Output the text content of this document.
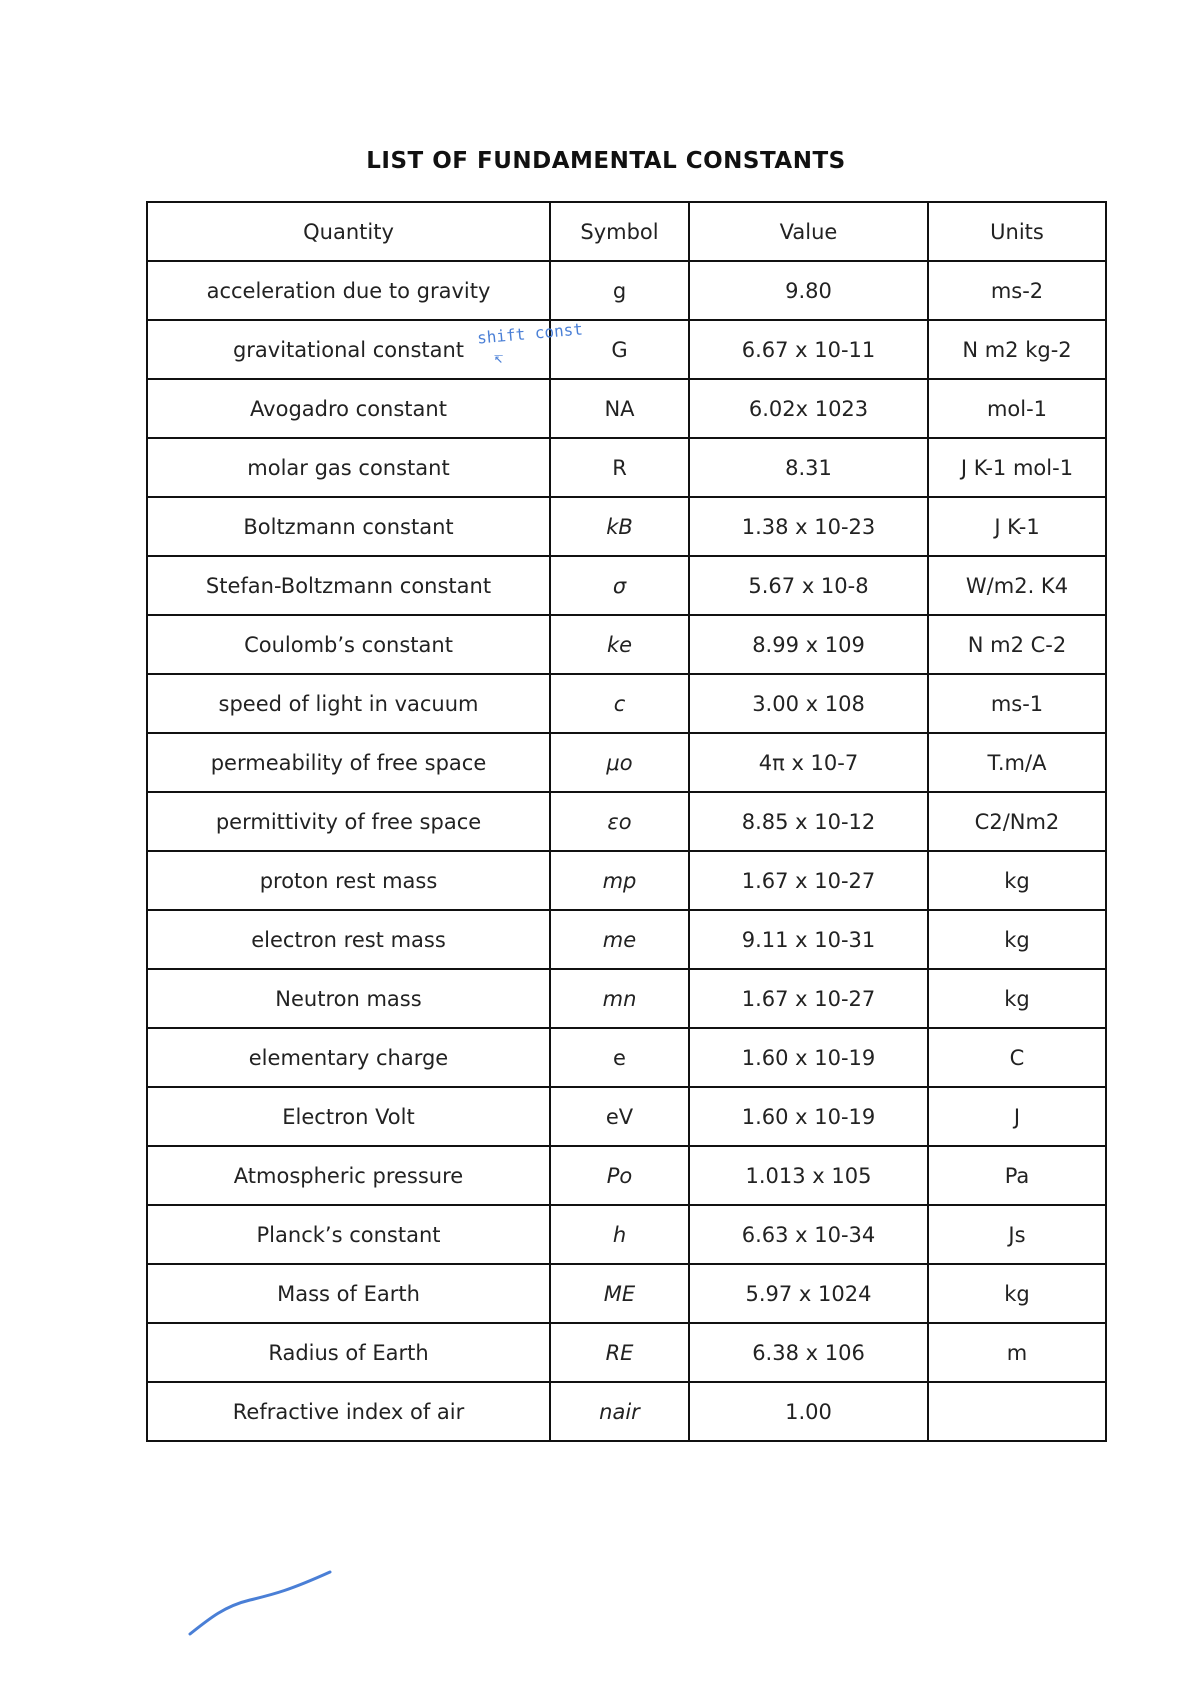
LIST OF FUNDAMENTAL CONSTANTS
Quantity	Symbol	Value	Units
acceleration due to gravity	g	9.80	ms-2
gravitational constant	G	6.67 x 10-11	N m2 kg-2
Avogadro constant	NA	6.02x 1023	mol-1
molar gas constant	R	8.31	J K-1 mol-1
Boltzmann constant	kB	1.38 x 10-23	J K-1
Stefan-Boltzmann constant	σ	5.67 x 10-8	W/m2. K4
Coulomb’s constant	ke	8.99 x 109	N m2 C-2
speed of light in vacuum	c	3.00 x 108	ms-1
permeability of free space	μo	4π x 10-7	T.m/A
permittivity of free space	εo	8.85 x 10-12	C2/Nm2
proton rest mass	mp	1.67 x 10-27	kg
electron rest mass	me	9.11 x 10-31	kg
Neutron mass	mn	1.67 x 10-27	kg
elementary charge	e	1.60 x 10-19	C
Electron Volt	eV	1.60 x 10-19	J
Atmospheric pressure	Po	1.013 x 105	Pa
Planck’s constant	h	6.63 x 10-34	Js
Mass of Earth	ME	5.97 x 1024	kg
Radius of Earth	RE	6.38 x 106	m
Refractive index of air	nair	1.00	
shift const
↸
